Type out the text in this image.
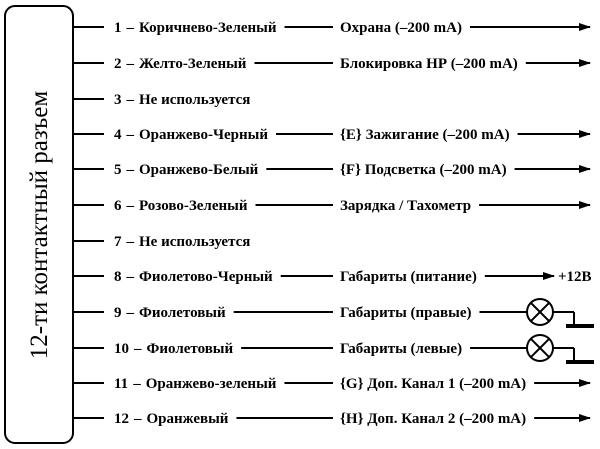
12-ти контактный разъем
1 – Коричнево-Зеленый	Охрана (–200 mA)
2 – Желто-Зеленый	Блокировка НР (–200 mA)
3 – Не используется
4 – Оранжево-Черный	{E} Зажигание (–200 mA)
5 – Оранжево-Белый	{F} Подсветка (–200 mA)
6 – Розово-Зеленый	Зарядка / Тахометр
7 – Не используется
8 – Фиолетово-Черный	Габариты (питание)	+12В
9 – Фиолетовый	Габариты (правые)
10 – Фиолетовый	Габариты (левые)
11 – Оранжево-зеленый	{G} Доп. Канал 1 (–200 mA)
12 – Оранжевый	{H} Доп. Канал 2 (–200 mA)
